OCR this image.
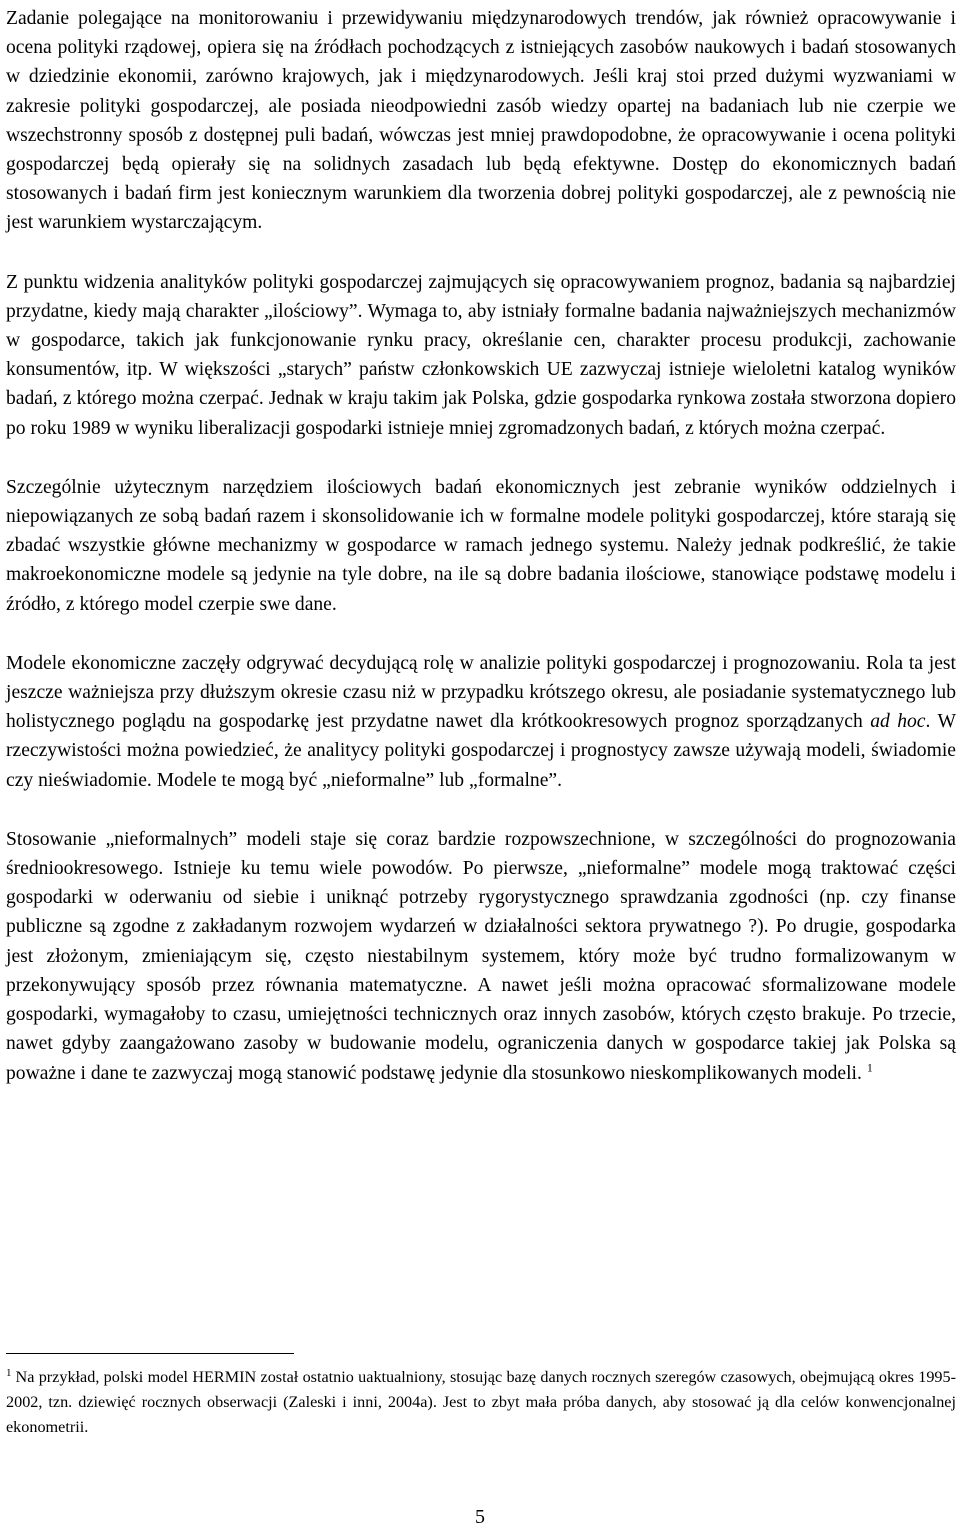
Zadanie polegające na monitorowaniu i przewidywaniu międzynarodowych trendów, jak również opracowywanie i ocena polityki rządowej, opiera się na źródłach pochodzących z istniejących zasobów naukowych i badań stosowanych w dziedzinie ekonomii, zarówno krajowych, jak i międzynarodowych. Jeśli kraj stoi przed dużymi wyzwaniami w zakresie polityki gospodarczej, ale posiada nieodpowiedni zasób wiedzy opartej na badaniach lub nie czerpie we wszechstronny sposób z dostępnej puli badań, wówczas jest mniej prawdopodobne, że opracowywanie i ocena polityki gospodarczej będą opierały się na solidnych zasadach lub będą efektywne. Dostęp do ekonomicznych badań stosowanych i badań firm jest koniecznym warunkiem dla tworzenia dobrej polityki gospodarczej, ale z pewnością nie jest warunkiem wystarczającym.

Z punktu widzenia analityków polityki gospodarczej zajmujących się opracowywaniem prognoz, badania są najbardziej przydatne, kiedy mają charakter „ilościowy”. Wymaga to, aby istniały formalne badania najważniejszych mechanizmów w gospodarce, takich jak funkcjonowanie rynku pracy, określanie cen, charakter procesu produkcji, zachowanie konsumentów, itp. W większości „starych” państw członkowskich UE zazwyczaj istnieje wieloletni katalog wyników badań, z którego można czerpać. Jednak w kraju takim jak Polska, gdzie gospodarka rynkowa została stworzona dopiero po roku 1989 w wyniku liberalizacji gospodarki istnieje mniej zgromadzonych badań, z których można czerpać.

Szczególnie użytecznym narzędziem ilościowych badań ekonomicznych jest zebranie wyników oddzielnych i niepowiązanych ze sobą badań razem i skonsolidowanie ich w formalne modele polityki gospodarczej, które starają się zbadać wszystkie główne mechanizmy w gospodarce w ramach jednego systemu. Należy jednak podkreślić, że takie makroekonomiczne modele są jedynie na tyle dobre, na ile są dobre badania ilościowe, stanowiące podstawę modelu i źródło, z którego model czerpie swe dane.

Modele ekonomiczne zaczęły odgrywać decydującą rolę w analizie polityki gospodarczej i prognozowaniu. Rola ta jest jeszcze ważniejsza przy dłuższym okresie czasu niż w przypadku krótszego okresu, ale posiadanie systematycznego lub holistycznego poglądu na gospodarkę jest przydatne nawet dla krótkookresowych prognoz sporządzanych ad hoc. W rzeczywistości można powiedzieć, że analitycy polityki gospodarczej i prognostycy zawsze używają modeli, świadomie czy nieświadomie. Modele te mogą być „nieformalne” lub „formalne”.

Stosowanie „nieformalnych” modeli staje się coraz bardzie rozpowszechnione, w szczególności do prognozowania średniookresowego. Istnieje ku temu wiele powodów. Po pierwsze, „nieformalne” modele mogą traktować części gospodarki w oderwaniu od siebie i uniknąć potrzeby rygorystycznego sprawdzania zgodności (np. czy finanse publiczne są zgodne z zakładanym rozwojem wydarzeń w działalności sektora prywatnego ?). Po drugie, gospodarka jest złożonym, zmieniającym się, często niestabilnym systemem, który może być trudno formalizowanym w przekonywujący sposób przez równania matematyczne. A nawet jeśli można opracować sformalizowane modele gospodarki, wymagałoby to czasu, umiejętności technicznych oraz innych zasobów, których często brakuje. Po trzecie, nawet gdyby zaangażowano zasoby w budowanie modelu, ograniczenia danych w gospodarce takiej jak Polska są poważne i dane te zazwyczaj mogą stanowić podstawę jedynie dla stosunkowo nieskomplikowanych modeli. $^1$

$^1$ Na przykład, polski model HERMIN został ostatnio uaktualniony, stosując bazę danych rocznych szeregów czasowych, obejmującą okres 1995-2002, tzn. dziewięć rocznych obserwacji (Zaleski i inni, 2004a). Jest to zbyt mała próba danych, aby stosować ją dla celów konwencjonalnej ekonometrii.

5
